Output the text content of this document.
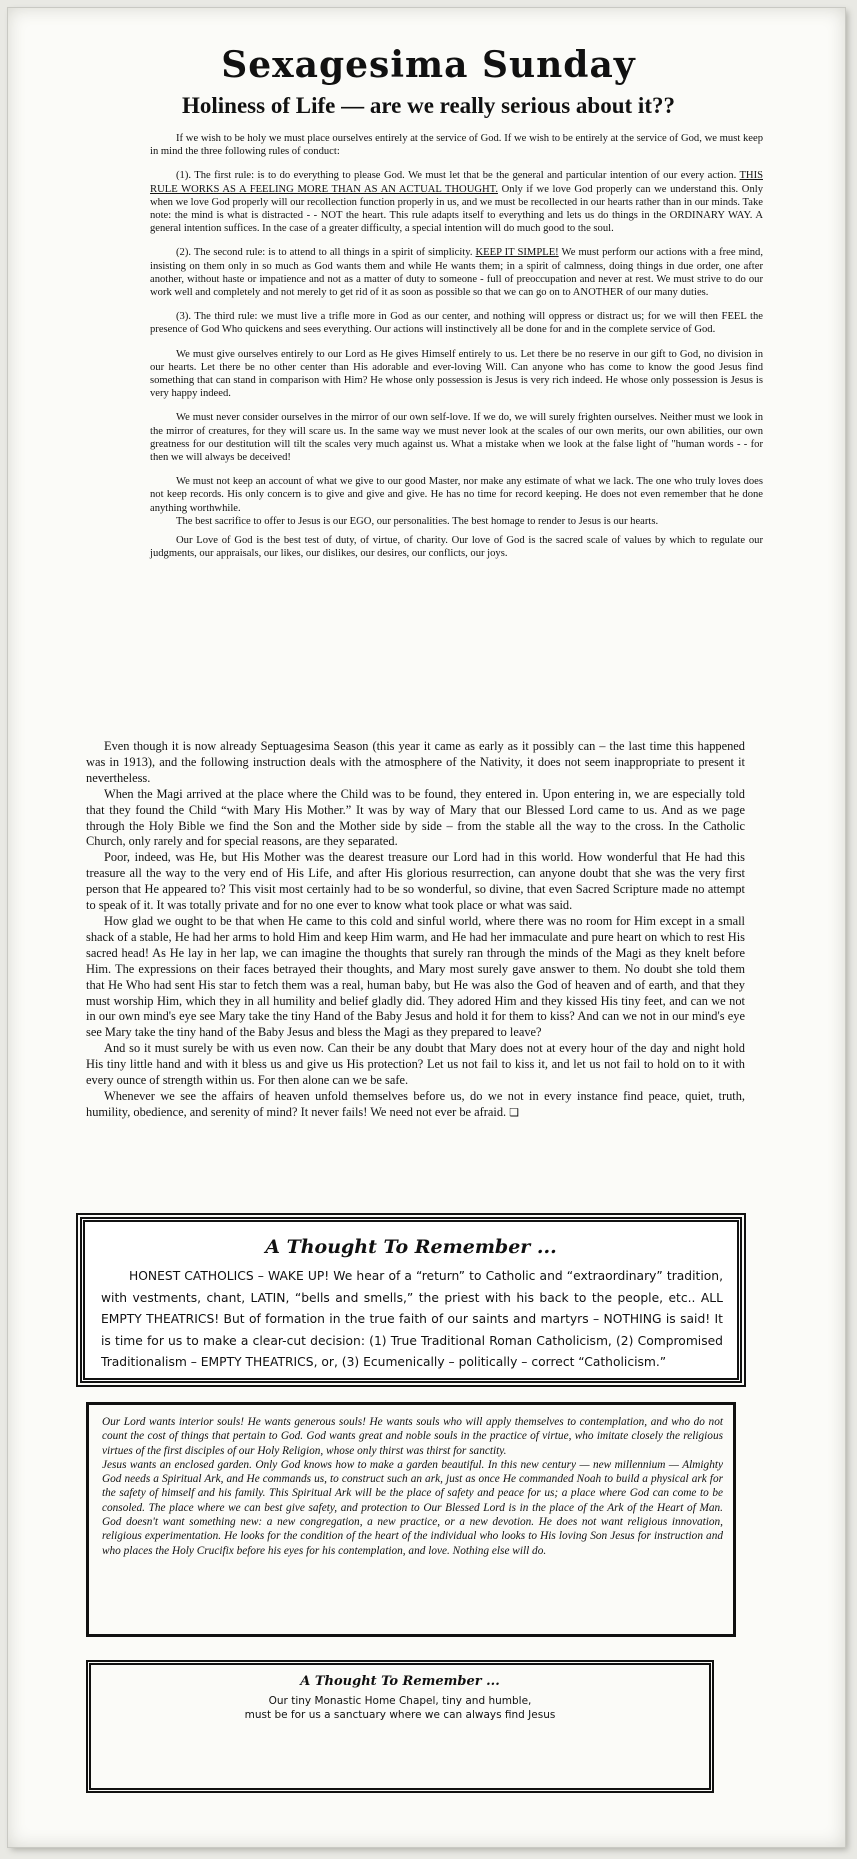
Sexagesima Sunday
Holiness of Life — are we really serious about it??

If we wish to be holy we must place ourselves entirely at the service of God. If we wish to be entirely at the service of God, we must keep in mind the three following rules of conduct:

(1). The first rule: is to do everything to please God. We must let that be the general and particular intention of our every action. THIS RULE WORKS AS A FEELING MORE THAN AS AN ACTUAL THOUGHT. Only if we love God properly can we understand this. Only when we love God properly will our recollection function properly in us, and we must be recollected in our hearts rather than in our minds. Take note: the mind is what is distracted - - NOT the heart. This rule adapts itself to everything and lets us do things in the ORDINARY WAY. A general intention suffices. In the case of a greater difficulty, a special intention will do much good to the soul.

(2). The second rule: is to attend to all things in a spirit of simplicity. KEEP IT SIMPLE! We must perform our actions with a free mind, insisting on them only in so much as God wants them and while He wants them; in a spirit of calmness, doing things in due order, one after another, without haste or impatience and not as a matter of duty to someone - full of preoccupation and never at rest. We must strive to do our work well and completely and not merely to get rid of it as soon as possible so that we can go on to ANOTHER of our many duties.

(3). The third rule: we must live a trifle more in God as our center, and nothing will oppress or distract us; for we will then FEEL the presence of God Who quickens and sees everything. Our actions will instinctively all be done for and in the complete service of God.

We must give ourselves entirely to our Lord as He gives Himself entirely to us. Let there be no reserve in our gift to God, no division in our hearts. Let there be no other center than His adorable and ever-loving Will. Can anyone who has come to know the good Jesus find something that can stand in comparison with Him? He whose only possession is Jesus is very rich indeed. He whose only possession is Jesus is very happy indeed.

We must never consider ourselves in the mirror of our own self-love. If we do, we will surely frighten ourselves. Neither must we look in the mirror of creatures, for they will scare us. In the same way we must never look at the scales of our own merits, our own abilities, our own greatness for our destitution will tilt the scales very much against us. What a mistake when we look at the false light of "human words - - for then we will always be deceived!

We must not keep an account of what we give to our good Master, nor make any estimate of what we lack. The one who truly loves does not keep records. His only concern is to give and give and give. He has no time for record keeping. He does not even remember that he done anything worthwhile.

The best sacrifice to offer to Jesus is our EGO, our personalities. The best homage to render to Jesus is our hearts.

Our Love of God is the best test of duty, of virtue, of charity. Our love of God is the sacred scale of values by which to regulate our judgments, our appraisals, our likes, our dislikes, our desires, our conflicts, our joys.

Even though it is now already Septuagesima Season (this year it came as early as it possibly can – the last time this happened was in 1913), and the following instruction deals with the atmosphere of the Nativity, it does not seem inappropriate to present it nevertheless.

When the Magi arrived at the place where the Child was to be found, they entered in. Upon entering in, we are especially told that they found the Child “with Mary His Mother.” It was by way of Mary that our Blessed Lord came to us. And as we page through the Holy Bible we find the Son and the Mother side by side – from the stable all the way to the cross. In the Catholic Church, only rarely and for special reasons, are they separated.

Poor, indeed, was He, but His Mother was the dearest treasure our Lord had in this world. How wonderful that He had this treasure all the way to the very end of His Life, and after His glorious resurrection, can anyone doubt that she was the very first person that He appeared to? This visit most certainly had to be so wonderful, so divine, that even Sacred Scripture made no attempt to speak of it. It was totally private and for no one ever to know what took place or what was said.

How glad we ought to be that when He came to this cold and sinful world, where there was no room for Him except in a small shack of a stable, He had her arms to hold Him and keep Him warm, and He had her immaculate and pure heart on which to rest His sacred head! As He lay in her lap, we can imagine the thoughts that surely ran through the minds of the Magi as they knelt before Him. The expressions on their faces betrayed their thoughts, and Mary most surely gave answer to them. No doubt she told them that He Who had sent His star to fetch them was a real, human baby, but He was also the God of heaven and of earth, and that they must worship Him, which they in all humility and belief gladly did. They adored Him and they kissed His tiny feet, and can we not in our own mind's eye see Mary take the tiny Hand of the Baby Jesus and hold it for them to kiss? And can we not in our mind's eye see Mary take the tiny hand of the Baby Jesus and bless the Magi as they prepared to leave?

And so it must surely be with us even now. Can their be any doubt that Mary does not at every hour of the day and night hold His tiny little hand and with it bless us and give us His protection? Let us not fail to kiss it, and let us not fail to hold on to it with every ounce of strength within us. For then alone can we be safe.

Whenever we see the affairs of heaven unfold themselves before us, do we not in every instance find peace, quiet, truth, humility, obedience, and serenity of mind? It never fails! We need not ever be afraid. ❏

A Thought To Remember ...
HONEST CATHOLICS – WAKE UP! We hear of a “return” to Catholic and “extraordinary” tradition, with vestments, chant, LATIN, “bells and smells,” the priest with his back to the people, etc.. ALL EMPTY THEATRICS! But of formation in the true faith of our saints and martyrs – NOTHING is said! It is time for us to make a clear-cut decision: (1) True Traditional Roman Catholicism, (2) Compromised Traditionalism – EMPTY THEATRICS, or, (3) Ecumenically – politically – correct “Catholicism.”

Our Lord wants interior souls! He wants generous souls! He wants souls who will apply themselves to contemplation, and who do not count the cost of things that pertain to God. God wants great and noble souls in the practice of virtue, who imitate closely the religious virtues of the first disciples of our Holy Religion, whose only thirst was thirst for sanctity.

Jesus wants an enclosed garden. Only God knows how to make a garden beautiful. In this new century — new millennium — Almighty God needs a Spiritual Ark, and He commands us, to construct such an ark, just as once He commanded Noah to build a physical ark for the safety of himself and his family. This Spiritual Ark will be the place of safety and peace for us; a place where God can come to be consoled. The place where we can best give safety, and protection to Our Blessed Lord is in the place of the Ark of the Heart of Man. God doesn't want something new: a new congregation, a new practice, or a new devotion. He does not want religious innovation, religious experimentation. He looks for the condition of the heart of the individual who looks to His loving Son Jesus for instruction and who places the Holy Crucifix before his eyes for his contemplation, and love. Nothing else will do.

A Thought To Remember ...
Our tiny Monastic Home Chapel, tiny and humble,
must be for us a sanctuary where we can always find Jesus
